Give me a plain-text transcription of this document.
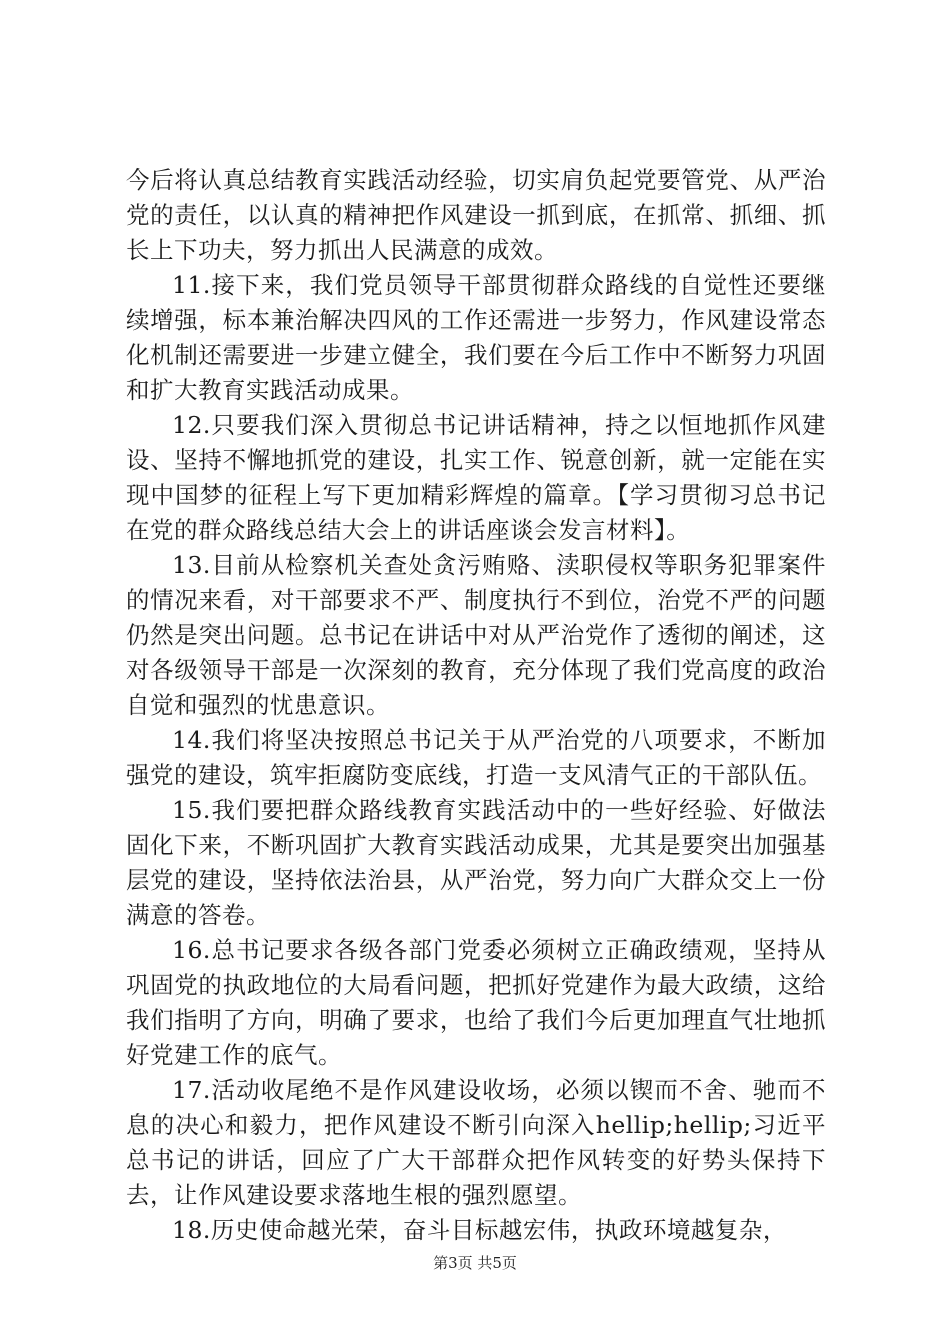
今后将认真总结教育实践活动经验，切实肩负起党要管党、从严治党的责任，以认真的精神把作风建设一抓到底，在抓常、抓细、抓长上下功夫，努力抓出人民满意的成效。

11.接下来，我们党员领导干部贯彻群众路线的自觉性还要继续增强，标本兼治解决四风的工作还需进一步努力，作风建设常态化机制还需要进一步建立健全，我们要在今后工作中不断努力巩固和扩大教育实践活动成果。

12.只要我们深入贯彻总书记讲话精神，持之以恒地抓作风建设、坚持不懈地抓党的建设，扎实工作、锐意创新，就一定能在实现中国梦的征程上写下更加精彩辉煌的篇章。【学习贯彻习总书记在党的群众路线总结大会上的讲话座谈会发言材料】。

13.目前从检察机关查处贪污贿赂、渎职侵权等职务犯罪案件的情况来看，对干部要求不严、制度执行不到位，治党不严的问题仍然是突出问题。总书记在讲话中对从严治党作了透彻的阐述，这对各级领导干部是一次深刻的教育，充分体现了我们党高度的政治自觉和强烈的忧患意识。

14.我们将坚决按照总书记关于从严治党的八项要求，不断加强党的建设，筑牢拒腐防变底线，打造一支风清气正的干部队伍。

15.我们要把群众路线教育实践活动中的一些好经验、好做法固化下来，不断巩固扩大教育实践活动成果，尤其是要突出加强基层党的建设，坚持依法治县，从严治党，努力向广大群众交上一份满意的答卷。

16.总书记要求各级各部门党委必须树立正确政绩观，坚持从巩固党的执政地位的大局看问题，把抓好党建作为最大政绩，这给我们指明了方向，明确了要求，也给了我们今后更加理直气壮地抓好党建工作的底气。

17.活动收尾绝不是作风建设收场，必须以锲而不舍、驰而不息的决心和毅力，把作风建设不断引向深入hellip;hellip;习近平总书记的讲话，回应了广大干部群众把作风转变的好势头保持下去，让作风建设要求落地生根的强烈愿望。

18.历史使命越光荣，奋斗目标越宏伟，执政环境越复杂，

第3页 共5页
